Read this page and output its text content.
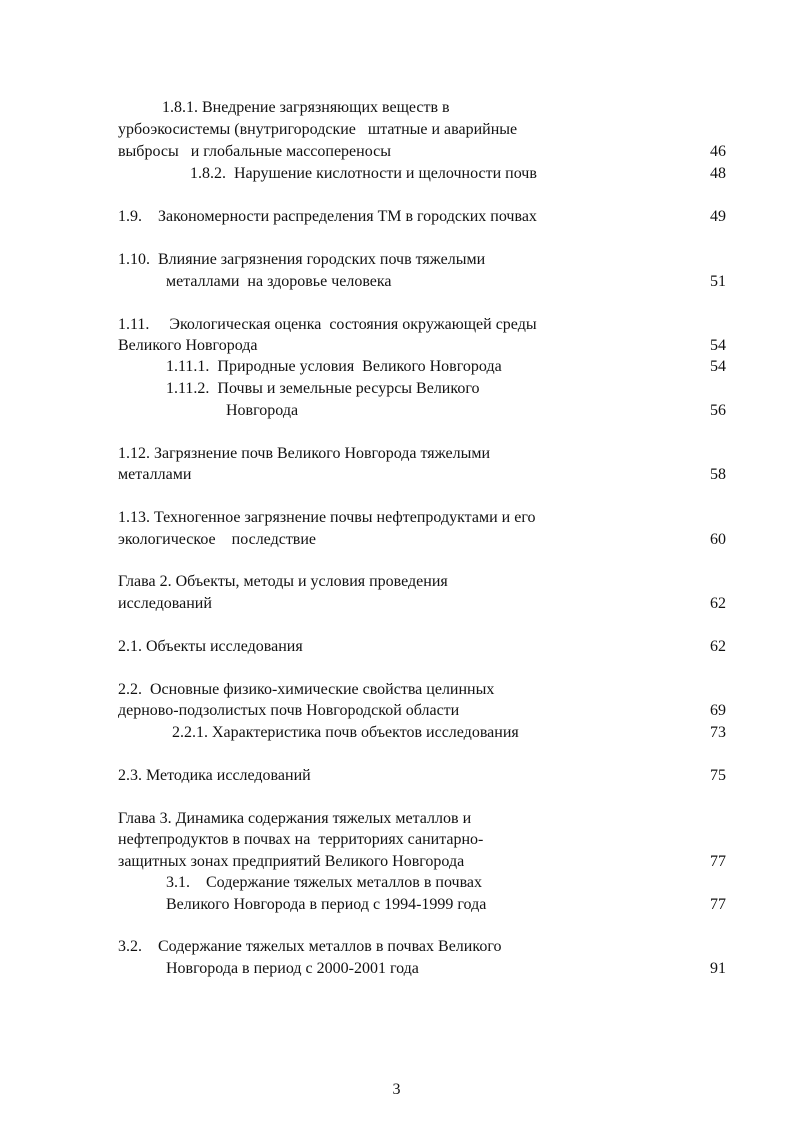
1.8.1. Внедрение загрязняющих веществ в
урбоэкосистемы (внутригородские   штатные и аварийные
выбросы   и глобальные массопереносы	46
1.8.2.  Нарушение кислотности и щелочности почв	48
1.9.    Закономерности распределения ТМ в городских почвах	49
1.10.  Влияние загрязнения городских почв тяжелыми
металлами  на здоровье человека	51
1.11.     Экологическая оценка  состояния окружающей среды
Великого Новгорода	54
1.11.1.  Природные условия  Великого Новгорода	54
1.11.2.  Почвы и земельные ресурсы Великого
Новгорода	56
1.12. Загрязнение почв Великого Новгорода тяжелыми
металлами	58
1.13. Техногенное загрязнение почвы нефтепродуктами и его
экологическое    последствие	60
Глава 2. Объекты, методы и условия проведения
исследований	62
2.1. Объекты исследования	62
2.2.  Основные физико-химические свойства целинных
дерново-подзолистых почв Новгородской области	69
2.2.1. Характеристика почв объектов исследования	73
2.3. Методика исследований	75
Глава 3. Динамика содержания тяжелых металлов и
нефтепродуктов в почвах на  территориях санитарно-
защитных зонах предприятий Великого Новгорода	77
3.1.    Содержание тяжелых металлов в почвах
Великого Новгорода в период с 1994-1999 года	77
3.2.    Содержание тяжелых металлов в почвах Великого
Новгорода в период с 2000-2001 года	91
3
